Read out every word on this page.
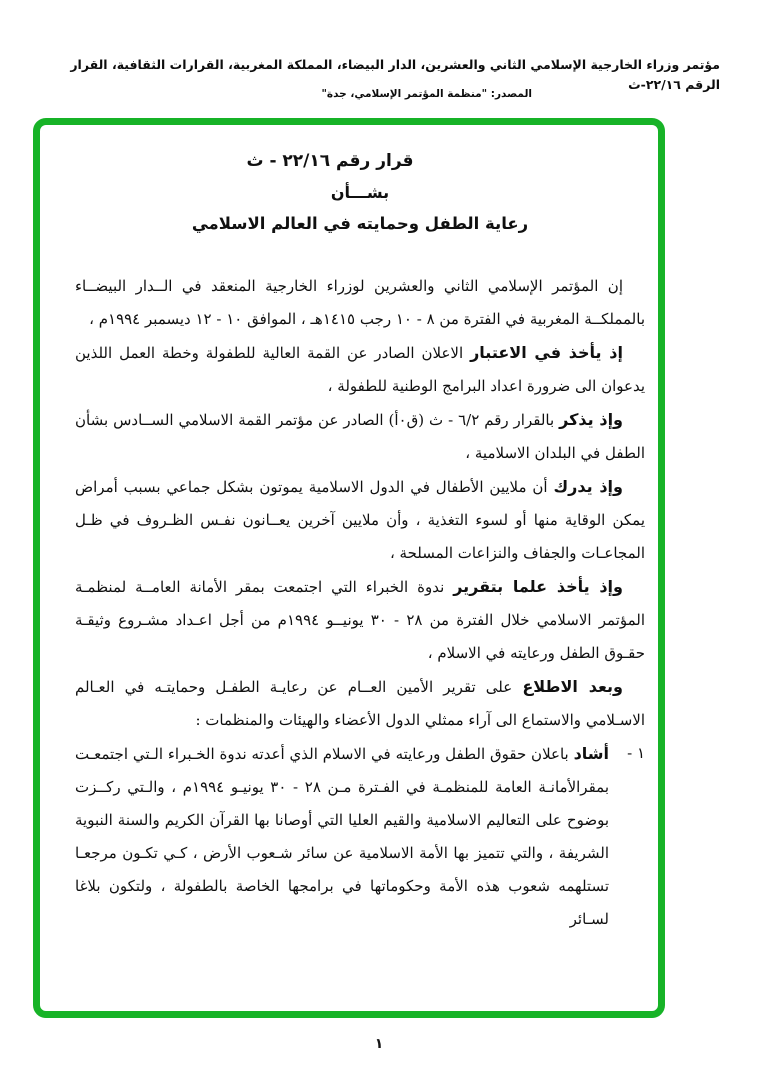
مؤتمر وزراء الخارجية الإسلامي الثاني والعشرين، الدار البيضاء، المملكة المغربية، القرارات الثقافية، القرار الرقم ٢٢/١٦-ث
المصدر: "منظمة المؤتمر الإسلامي، جدة"
قرار رقم ٢٢/١٦ - ث
بشـــأن
رعاية الطفل وحمايته في العالم الاسلامي

إن المؤتمر الإسلامي الثاني والعشرين لوزراء الخارجية المنعقد في الــدار البيضــاء بالمملكــة المغربية في الفترة من ٨ - ١٠ رجب ١٤١٥هـ ، الموافق ١٠ - ١٢ ديسمبر ١٩٩٤م ،

إذ يأخذ في الاعتبار الاعلان الصادر عن القمة العالية للطفولة وخطة العمل اللذين يدعوان الى ضرورة اعداد البرامج الوطنية للطفولة ،

وإذ يذكر بالقرار رقم ٦/٢ - ث (ق٠أ) الصادر عن مؤتمر القمة الاسلامي الســادس بشأن الطفل في البلدان الاسلامية ،

وإذ يدرك أن ملايين الأطفال في الدول الاسلامية يموتون بشكل جماعي بسبب أمراض يمكن الوقاية منها أو لسوء التغذية ، وأن ملايين آخرين يعــانون نفـس الظـروف في ظـل المجاعـات والجفاف والنزاعات المسلحة ،

وإذ يأخذ علما بتقرير ندوة الخبراء التي اجتمعت بمقر الأمانة العامــة لمنظمـة المؤتمر الاسلامي خلال الفترة من ٢٨ - ٣٠ يونيــو ١٩٩٤م من أجل اعـداد مشـروع وثيقـة حقـوق الطفل ورعايته في الاسلام ،

وبعد الاطلاع على تقرير الأمين العــام عن رعايـة الطفـل وحمايتـه في العـالم الاسـلامي والاستماع الى آراء ممثلي الدول الأعضاء والهيئات والمنظمات :

١ -
أشاد باعلان حقوق الطفل ورعايته في الاسلام الذي أعدته ندوة الخـبراء الـتي اجتمعـت بمقرالأمانـة العامة للمنظمـة في الفـترة مـن ٢٨ - ٣٠ يونيـو ١٩٩٤م ، والـتي ركــزت بوضوح على التعاليم الاسلامية والقيم العليا التي أوصانا بها القرآن الكريم والسنة النبوية الشريفة ، والتي تتميز بها الأمة الاسلامية عن سائر شـعوب الأرض ، كـي تكـون مرجعـا تستلهمه شعوب هذه الأمة وحكوماتها في برامجها الخاصة بالطفولة ، ولتكون بلاغا لسـائر
١
